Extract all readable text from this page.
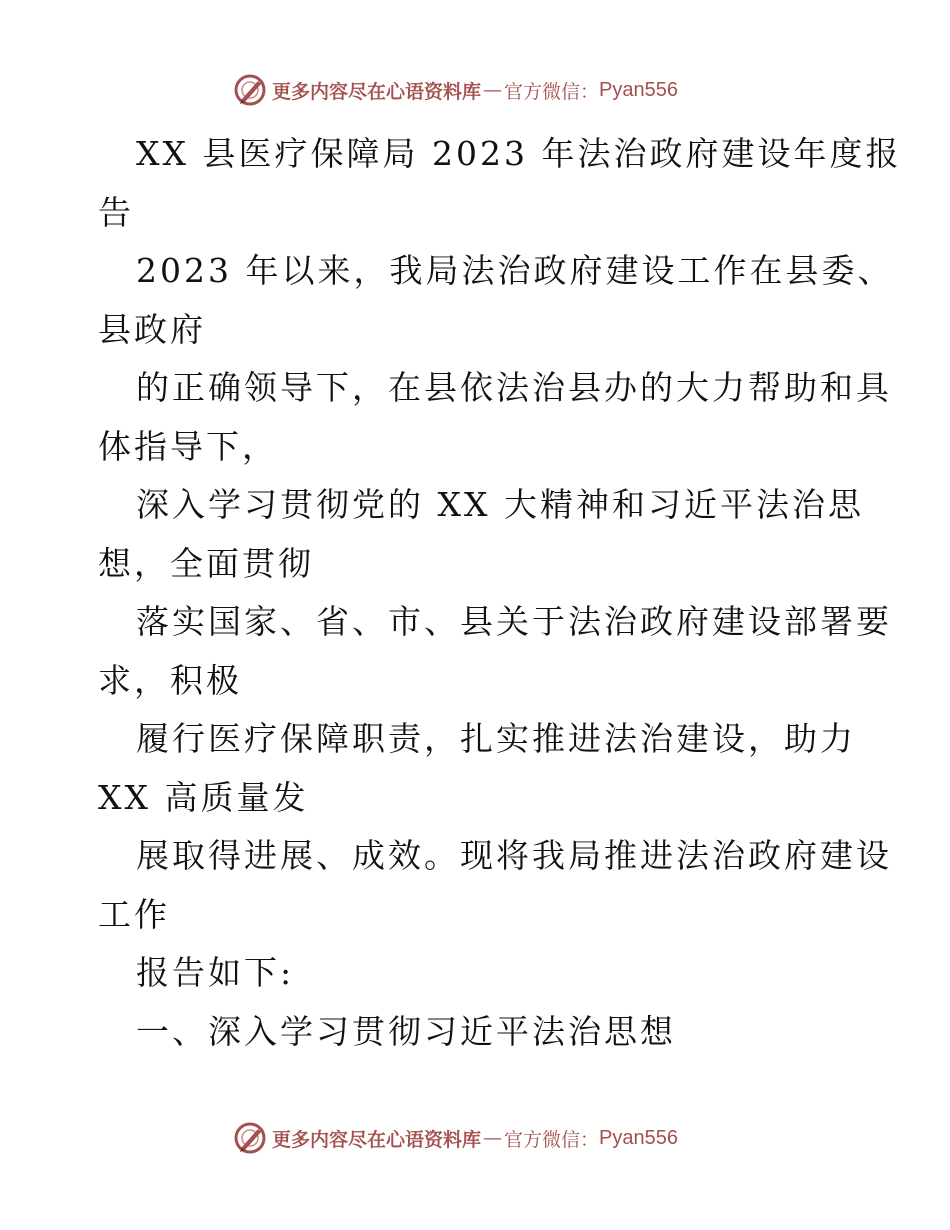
更多内容尽在心语资料库 — 官方微信： Pyan556
XX 县医疗保障局 2023 年法治政府建设年度报
告
2023 年以来，我局法治政府建设工作在县委、
县政府
的正确领导下，在县依法治县办的大力帮助和具
体指导下，
深入学习贯彻党的 XX 大精神和习近平法治思
想，全面贯彻
落实国家、省、市、县关于法治政府建设部署要
求，积极
履行医疗保障职责，扎实推进法治建设，助力
XX 高质量发
展取得进展、成效。现将我局推进法治政府建设
工作
报告如下:
一、深入学习贯彻习近平法治思想
更多内容尽在心语资料库 — 官方微信： Pyan556
